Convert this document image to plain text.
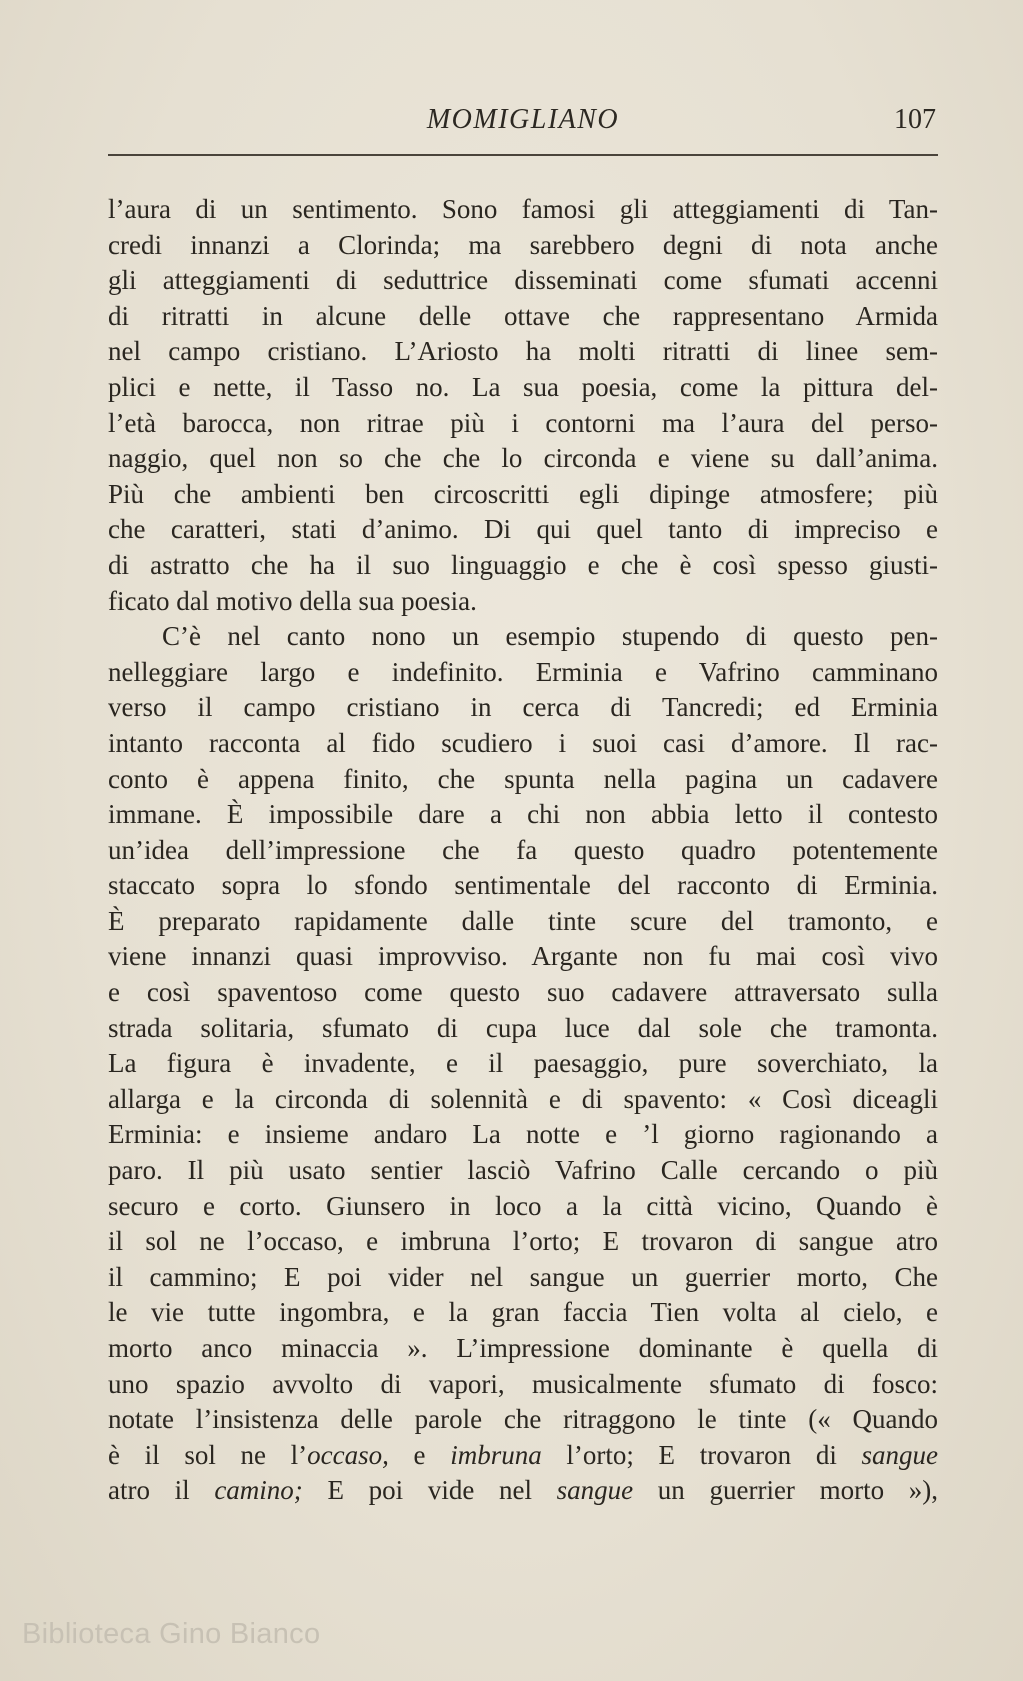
MOMIGLIANO	107
l’aura di un sentimento. Sono famosi gli atteggiamenti di Tan-
credi innanzi a Clorinda; ma sarebbero degni di nota anche
gli atteggiamenti di seduttrice disseminati come sfumati accenni
di ritratti in alcune delle ottave che rappresentano Armida
nel campo cristiano. L’Ariosto ha molti ritratti di linee sem-
plici e nette, il Tasso no. La sua poesia, come la pittura del-
l’età barocca, non ritrae più i contorni ma l’aura del perso-
naggio, quel non so che che lo circonda e viene su dall’anima.
Più che ambienti ben circoscritti egli dipinge atmosfere; più
che caratteri, stati d’animo. Di qui quel tanto di impreciso e
di astratto che ha il suo linguaggio e che è così spesso giusti-
ficato dal motivo della sua poesia.
C’è nel canto nono un esempio stupendo di questo pen-
nelleggiare largo e indefinito. Erminia e Vafrino camminano
verso il campo cristiano in cerca di Tancredi; ed Erminia
intanto racconta al fido scudiero i suoi casi d’amore. Il rac-
conto è appena finito, che spunta nella pagina un cadavere
immane. È impossibile dare a chi non abbia letto il contesto
un’idea dell’impressione che fa questo quadro potentemente
staccato sopra lo sfondo sentimentale del racconto di Erminia.
È preparato rapidamente dalle tinte scure del tramonto, e
viene innanzi quasi improvviso. Argante non fu mai così vivo
e così spaventoso come questo suo cadavere attraversato sulla
strada solitaria, sfumato di cupa luce dal sole che tramonta.
La figura è invadente, e il paesaggio, pure soverchiato, la
allarga e la circonda di solennità e di spavento: « Così diceagli
Erminia: e insieme andaro La notte e ’l giorno ragionando a
paro. Il più usato sentier lasciò Vafrino Calle cercando o più
securo e corto. Giunsero in loco a la città vicino, Quando è
il sol ne l’occaso, e imbruna l’orto; E trovaron di sangue atro
il cammino; E poi vider nel sangue un guerrier morto, Che
le vie tutte ingombra, e la gran faccia Tien volta al cielo, e
morto anco minaccia ». L’impressione dominante è quella di
uno spazio avvolto di vapori, musicalmente sfumato di fosco:
notate l’insistenza delle parole che ritraggono le tinte (« Quando
è il sol ne l’occaso, e imbruna l’orto; E trovaron di sangue
atro il camino; E poi vide nel sangue un guerrier morto »),
Biblioteca Gino Bianco
